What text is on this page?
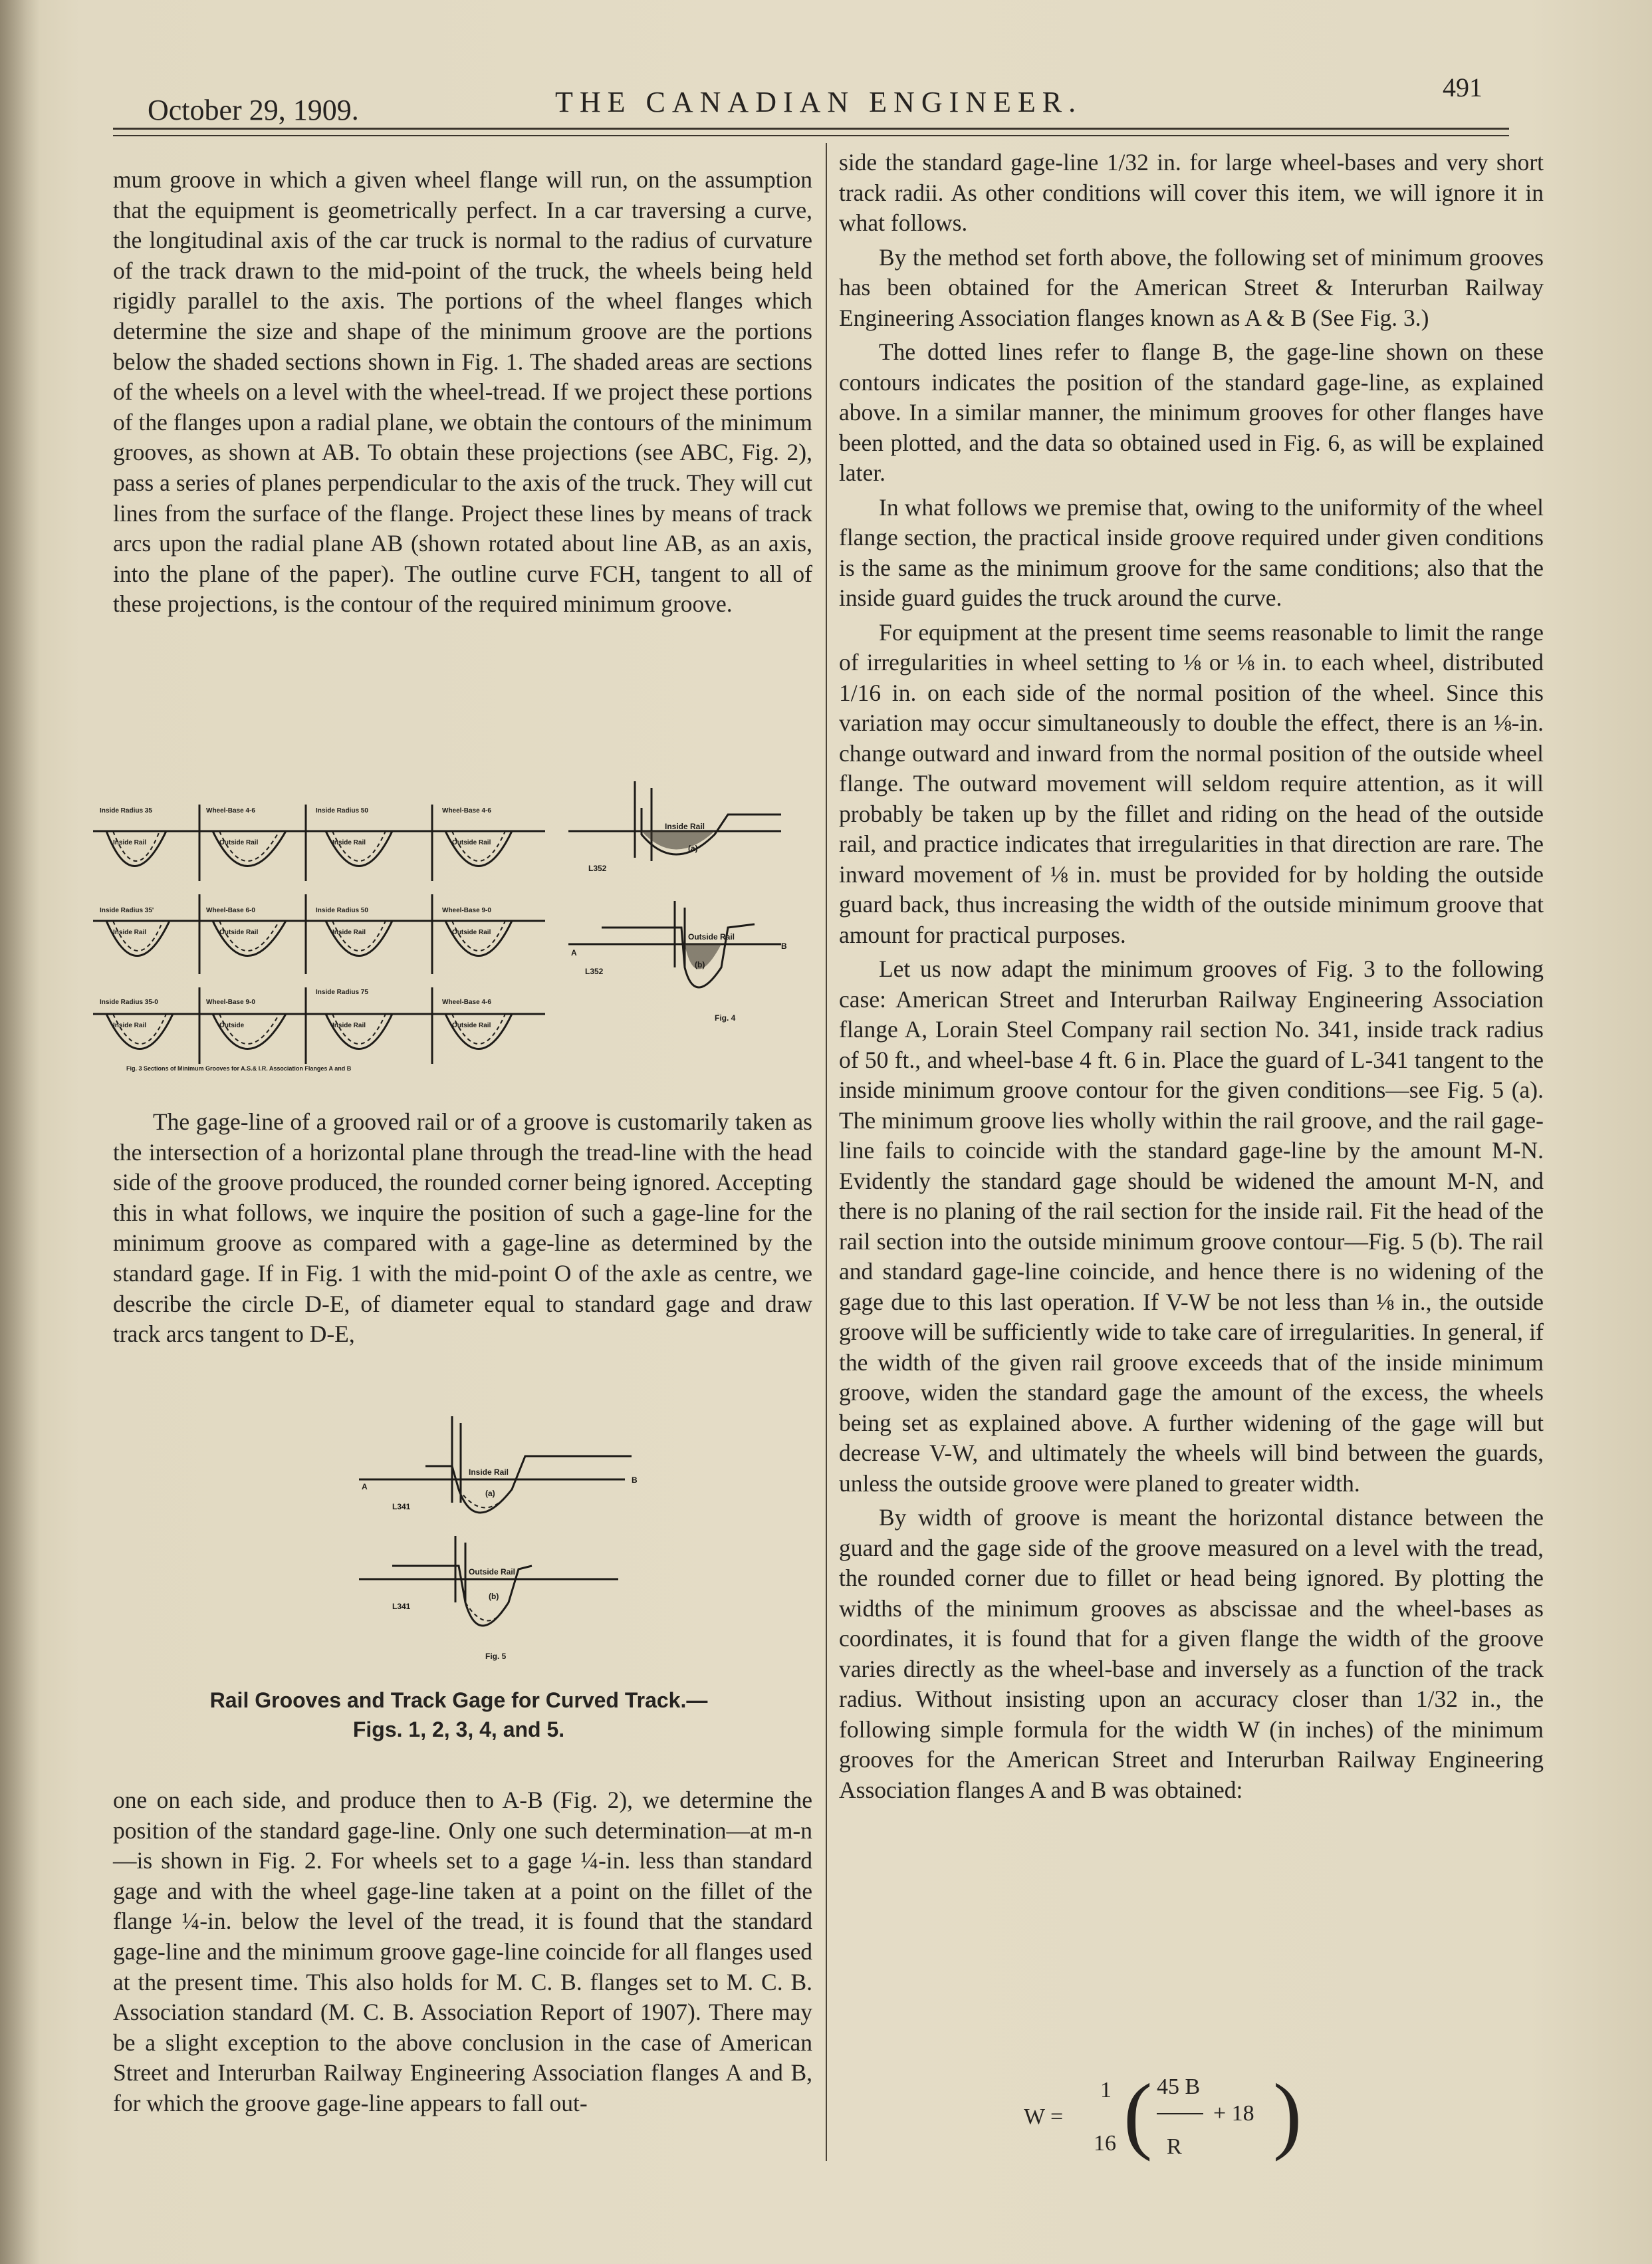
October 29, 1909.	THE CANADIAN ENGINEER.	491

mum groove in which a given wheel flange will run, on the assumption that the equipment is geometrically perfect. In a car traversing a curve, the longitudinal axis of the car truck is normal to the radius of curvature of the track drawn to the mid-point of the truck, the wheels being held rigidly parallel to the axis. The portions of the wheel flanges which determine the size and shape of the minimum groove are the portions below the shaded sections shown in Fig. 1. The shaded areas are sections of the wheels on a level with the wheel-tread. If we project these portions of the flanges upon a radial plane, we obtain the contours of the minimum grooves, as shown at AB. To obtain these projections (see ABC, Fig. 2), pass a series of planes perpendicular to the axis of the truck. They will cut lines from the surface of the flange. Project these lines by means of track arcs upon the radial plane AB (shown rotated about line AB, as an axis, into the plane of the paper). The outline curve FCH, tangent to all of these projections, is the contour of the required minimum groove.

Inside Radius 35	Wheel-Base 4-6	Inside Radius 50	Wheel-Base 4-6
Inside Radius 35'	Wheel-Base 6-0	Inside Radius 50	Wheel-Base 9-0
Inside Radius 35-0	Wheel-Base 9-0
Inside Radius 75
Wheel-Base 4-6
Inside Rail	Outside Rail	Inside Rail	Outside Rail
Inside Rail	Outside Rail	Inside Rail	Outside Rail
Inside Rail	Outside	Inside Rail	Outside Rail
Fig. 3 Sections of Minimum Grooves for A.S.& I.R. Association Flanges A and B
L352
L352
(a)
(b)
Inside Rail
Outside Rail
A
B
Fig. 4

The gage-line of a grooved rail or of a groove is customarily taken as the intersection of a horizontal plane through the tread-line with the head side of the groove produced, the rounded corner being ignored. Accepting this in what follows, we inquire the position of such a gage-line for the minimum groove as compared with a gage-line as determined by the standard gage. If in Fig. 1 with the mid-point O of the axle as centre, we describe the circle D-E, of diameter equal to standard gage and draw track arcs tangent to D-E,

L341
L341
(a)
(b)
Inside Rail
Outside Rail
A
B
Fig. 5
Rail Grooves and Track Gage for Curved Track.—
Figs. 1, 2, 3, 4, and 5.

one on each side, and produce then to A-B (Fig. 2), we determine the position of the standard gage-line. Only one such determination—at m-n—is shown in Fig. 2. For wheels set to a gage ¼-in. less than standard gage and with the wheel gage-line taken at a point on the fillet of the flange ¼-in. below the level of the tread, it is found that the standard gage-line and the minimum groove gage-line coincide for all flanges used at the present time. This also holds for M. C. B. flanges set to M. C. B. Association standard (M. C. B. Association Report of 1907). There may be a slight exception to the above conclusion in the case of American Street and Interurban Railway Engineering Association flanges A and B, for which the groove gage-line appears to fall out-

side the standard gage-line 1/32 in. for large wheel-bases and very short track radii. As other conditions will cover this item, we will ignore it in what follows.

By the method set forth above, the following set of minimum grooves has been obtained for the American Street & Interurban Railway Engineering Association flanges known as A & B (See Fig. 3.)

The dotted lines refer to flange B, the gage-line shown on these contours indicates the position of the standard gage-line, as explained above. In a similar manner, the minimum grooves for other flanges have been plotted, and the data so obtained used in Fig. 6, as will be explained later.

In what follows we premise that, owing to the uniformity of the wheel flange section, the practical inside groove required under given conditions is the same as the minimum groove for the same conditions; also that the inside guard guides the truck around the curve.

For equipment at the present time seems reasonable to limit the range of irregularities in wheel setting to ⅛ or ⅛ in. to each wheel, distributed 1/16 in. on each side of the normal position of the wheel. Since this variation may occur simultaneously to double the effect, there is an ⅛-in. change outward and inward from the normal position of the outside wheel flange. The outward movement will seldom require attention, as it will probably be taken up by the fillet and riding on the head of the outside rail, and practice indicates that irregularities in that direction are rare. The inward movement of ⅛ in. must be provided for by holding the outside guard back, thus increasing the width of the outside minimum groove that amount for practical purposes.

Let us now adapt the minimum grooves of Fig. 3 to the following case: American Street and Interurban Railway Engineering Association flange A, Lorain Steel Company rail section No. 341, inside track radius of 50 ft., and wheel-base 4 ft. 6 in. Place the guard of L-341 tangent to the inside minimum groove contour for the given conditions—see Fig. 5 (a). The minimum groove lies wholly within the rail groove, and the rail gage-line fails to coincide with the standard gage-line by the amount M-N. Evidently the standard gage should be widened the amount M-N, and there is no planing of the rail section for the inside rail. Fit the head of the rail section into the outside minimum groove contour—Fig. 5 (b). The rail and standard gage-line coincide, and hence there is no widening of the gage due to this last operation. If V-W be not less than ⅛ in., the outside groove will be sufficiently wide to take care of irregularities. In general, if the width of the given rail groove exceeds that of the inside minimum groove, widen the standard gage the amount of the excess, the wheels being set as explained above. A further widening of the gage will but decrease V-W, and ultimately the wheels will bind between the guards, unless the outside groove were planed to greater width.

By width of groove is meant the horizontal distance between the guard and the gage side of the groove measured on a level with the tread, the rounded corner due to fillet or head being ignored. By plotting the widths of the minimum grooves as abscissae and the wheel-bases as coordinates, it is found that for a given flange the width of the groove varies directly as the wheel-base and inversely as a function of the track radius. Without insisting upon an accuracy closer than 1/32 in., the following simple formula for the width W (in inches) of the minimum grooves for the American Street and Interurban Railway Engineering Association flanges A and B was obtained:

W =
1
16 ( 45 B
R
+ 18 )
